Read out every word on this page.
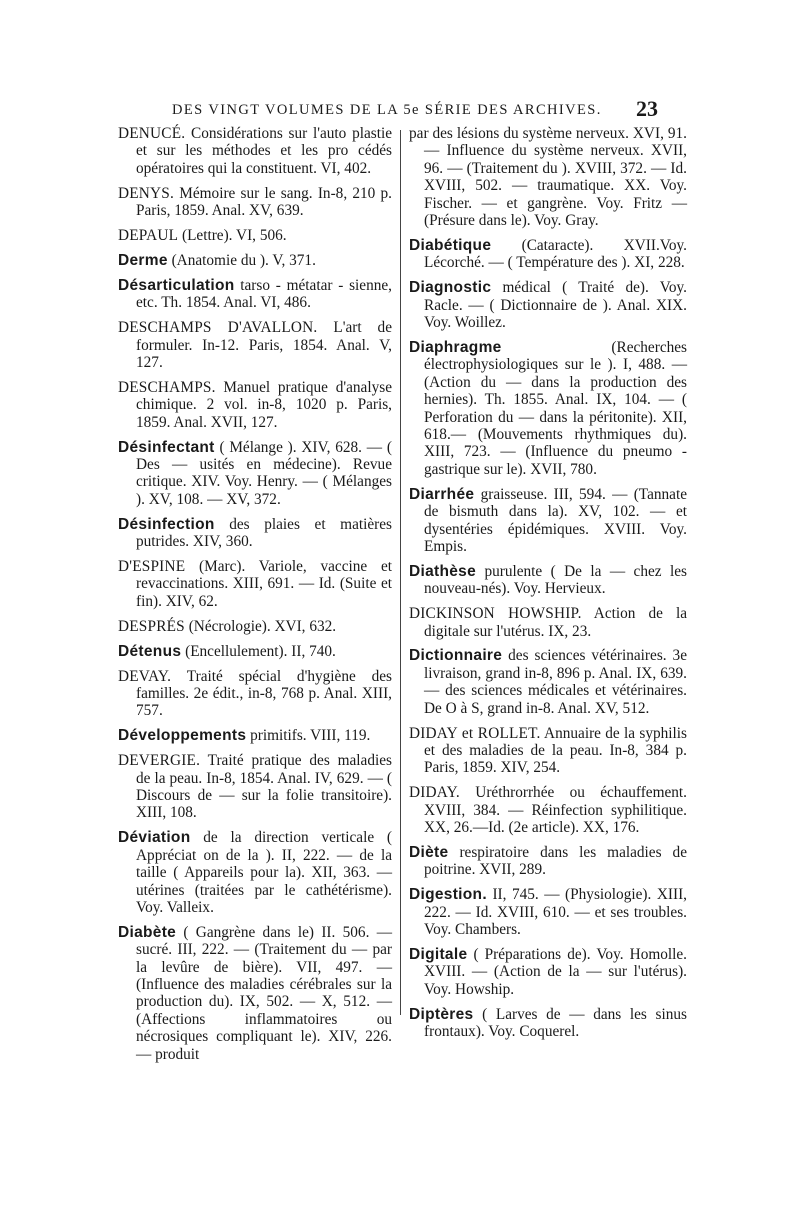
DES VINGT VOLUMES DE LA 5e SÉRIE DES ARCHIVES. 23

DENUCÉ. Considérations sur l'auto plastie et sur les méthodes et les pro cédés opératoires qui la constituent. VI, 402.

DENYS. Mémoire sur le sang. In-8, 210 p. Paris, 1859. Anal. XV, 639.

DEPAUL (Lettre). VI, 506.

Derme (Anatomie du ). V, 371.

Désarticulation tarso - métatar - sienne, etc. Th. 1854. Anal. VI, 486.

DESCHAMPS D'AVALLON. L'art de formuler. In-12. Paris, 1854. Anal. V, 127.

DESCHAMPS. Manuel pratique d'analyse chimique. 2 vol. in-8, 1020 p. Paris, 1859. Anal. XVII, 127.

Désinfectant ( Mélange ). XIV, 628. — ( Des — usités en médecine). Revue critique. XIV. Voy. Henry. — ( Mélanges ). XV, 108. — XV, 372.

Désinfection des plaies et matières putrides. XIV, 360.

D'ESPINE (Marc). Variole, vaccine et revaccinations. XIII, 691. — Id. (Suite et fin). XIV, 62.

DESPRÉS (Nécrologie). XVI, 632.

Détenus (Encellulement). II, 740.

DEVAY. Traité spécial d'hygiène des familles. 2e édit., in-8, 768 p. Anal. XIII, 757.

Développements primitifs. VIII, 119.

DEVERGIE. Traité pratique des maladies de la peau. In-8, 1854. Anal. IV, 629. — ( Discours de — sur la folie transitoire). XIII, 108.

Déviation de la direction verticale ( Appréciat on de la ). II, 222. — de la taille ( Appareils pour la). XII, 363. — utérines (traitées par le cathétérisme). Voy. Valleix.

Diabète ( Gangrène dans le) II. 506. — sucré. III, 222. — (Traitement du — par la levûre de bière). VII, 497. — (Influence des maladies cérébrales sur la production du). IX, 502. — X, 512. — (Affections inflammatoires ou nécrosiques compliquant le). XIV, 226. — produit

par des lésions du système nerveux. XVI, 91. — Influence du système nerveux. XVII, 96. — (Traitement du ). XVIII, 372. — Id. XVIII, 502. — traumatique. XX. Voy. Fischer. — et gangrène. Voy. Fritz — (Présure dans le). Voy. Gray.

Diabétique (Cataracte). XVII.Voy. Lécorché. — ( Température des ). XI, 228.

Diagnostic médical ( Traité de). Voy. Racle. — ( Dictionnaire de ). Anal. XIX. Voy. Woillez.

Diaphragme	(Recherches électrophysiologiques sur le ). I, 488. — (Action du — dans la production des hernies). Th. 1855. Anal. IX, 104. — ( Perforation du — dans la péritonite). XII, 618.— (Mouvements rhythmiques du). XIII, 723. — (Influence du pneumo - gastrique sur le). XVII, 780.

Diarrhée graisseuse. III, 594. — (Tannate de bismuth dans la). XV, 102. — et dysentéries épidémiques. XVIII. Voy. Empis.

Diathèse purulente ( De la — chez les nouveau-nés). Voy. Hervieux.

DICKINSON HOWSHIP. Action de la digitale sur l'utérus. IX, 23.

Dictionnaire des sciences vétérinaires. 3e livraison, grand in-8, 896 p. Anal. IX, 639. — des sciences médicales et vétérinaires. De O à S, grand in-8. Anal. XV, 512.

DIDAY et ROLLET. Annuaire de la syphilis et des maladies de la peau. In-8, 384 p. Paris, 1859. XIV, 254.

DIDAY. Uréthrorrhée ou échauffement. XVIII, 384. — Réinfection syphilitique. XX, 26.—Id. (2e article). XX, 176.

Diète respiratoire dans les maladies de poitrine. XVII, 289.

Digestion. II, 745. — (Physiologie). XIII, 222. — Id. XVIII, 610. — et ses troubles. Voy. Chambers.

Digitale ( Préparations de). Voy. Homolle. XVIII. — (Action de la — sur l'utérus). Voy. Howship.

Diptères ( Larves de — dans les sinus frontaux). Voy. Coquerel.
